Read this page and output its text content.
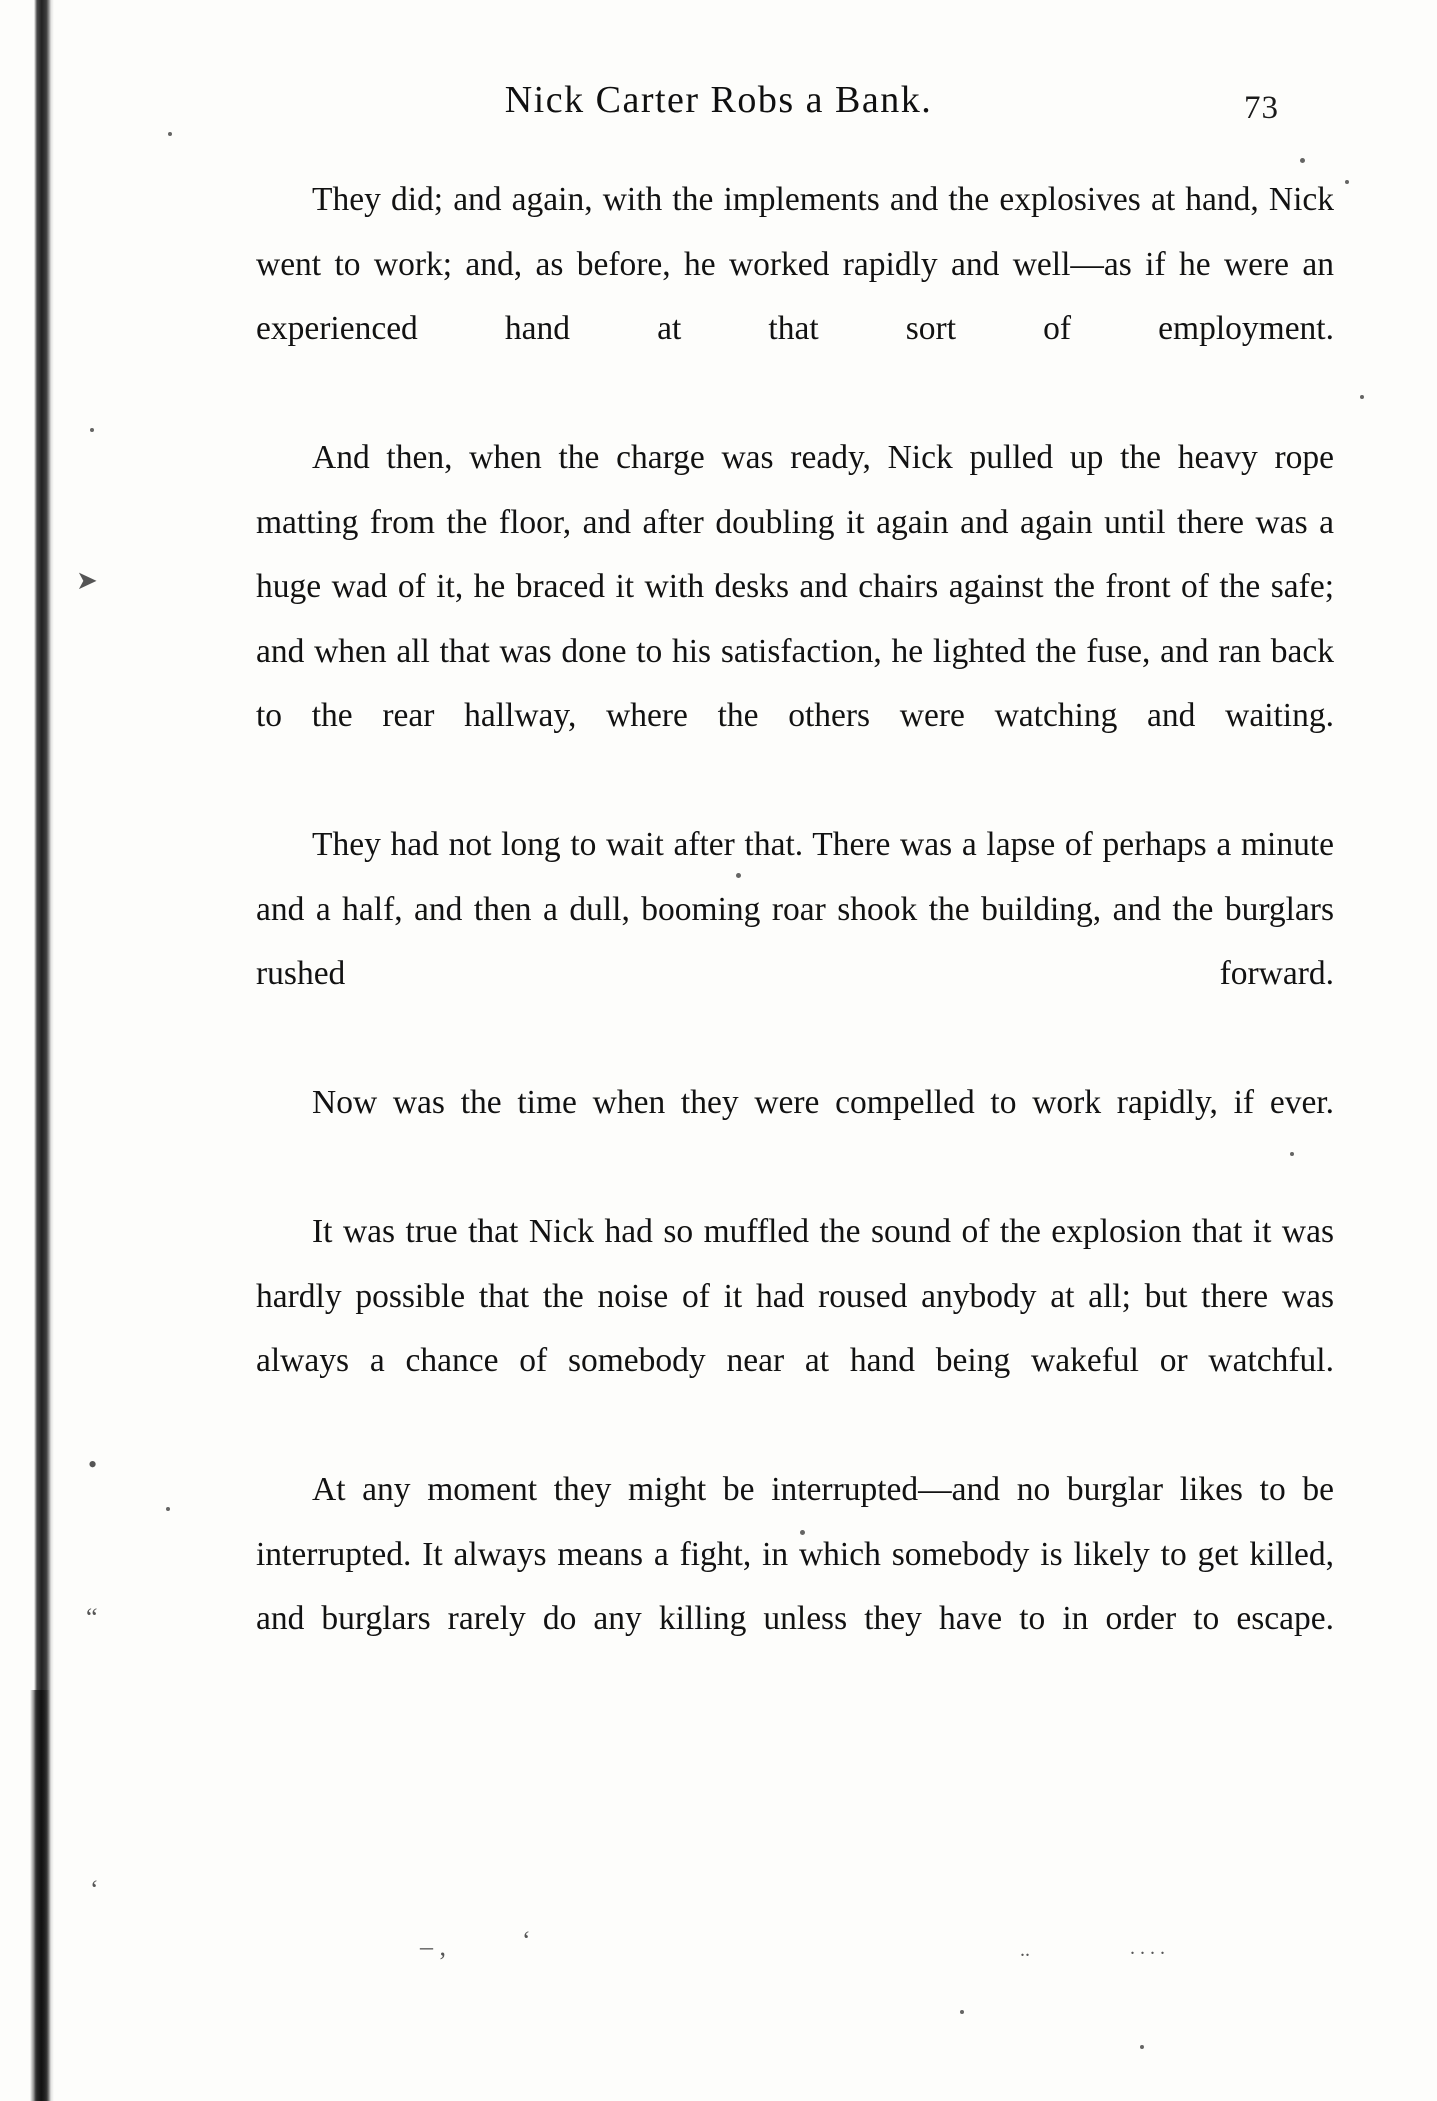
Nick Carter Robs a Bank.	73

They did; and again, with the implements and the explosives at hand, Nick went to work; and, as before, he worked rapidly and well—as if he were an experienced hand at that sort of employment.

And then, when the charge was ready, Nick pulled up the heavy rope matting from the floor, and after doubling it again and again until there was a huge wad of it, he braced it with desks and chairs against the front of the safe; and when all that was done to his satisfaction, he lighted the fuse, and ran back to the rear hallway, where the others were watching and waiting.

They had not long to wait after that. There was a lapse of perhaps a minute and a half, and then a dull, booming roar shook the building, and the burglars rushed forward.

Now was the time when they were compelled to work rapidly, if ever.

It was true that Nick had so muffled the sound of the explosion that it was hardly possible that the noise of it had roused anybody at all; but there was always a chance of somebody near at hand being wakeful or watchful.

At any moment they might be interrupted—and no burglar likes to be interrupted. It always means a fight, in which somebody is likely to get killed, and burglars rarely do any killing unless they have to in order to escape.

➤
•
“
‘
– ,	‘	..	. . . .
